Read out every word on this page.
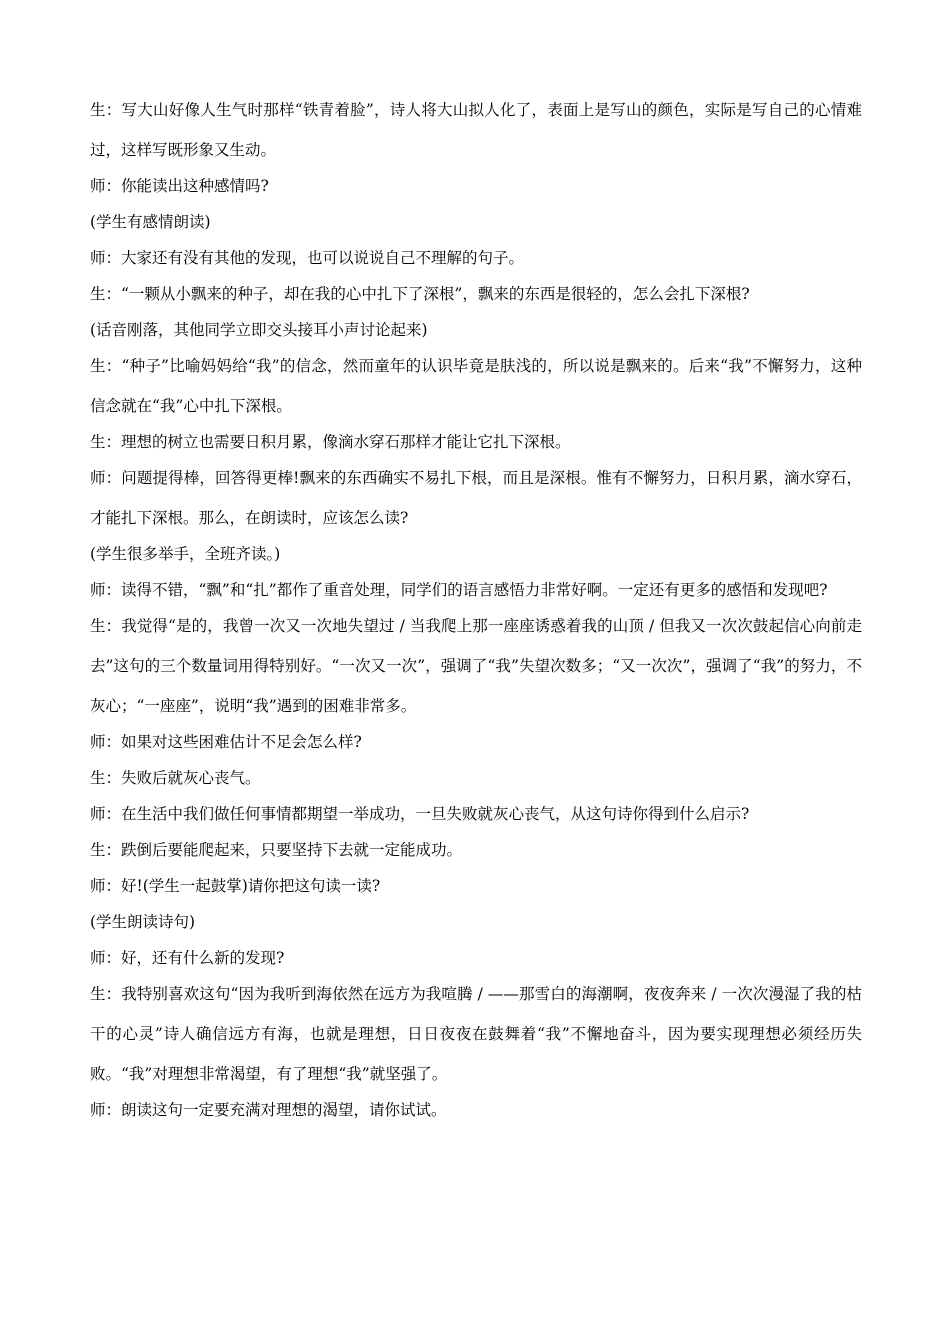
生：写大山好像人生气时那样“铁青着脸”，诗人将大山拟人化了，表面上是写山的颜色，实际是写自己的心情难过，这样写既形象又生动。

师：你能读出这种感情吗?

(学生有感情朗读)

师：大家还有没有其他的发现，也可以说说自己不理解的句子。

生：“一颗从小飘来的种子，却在我的心中扎下了深根”，飘来的东西是很轻的，怎么会扎下深根?

(话音刚落，其他同学立即交头接耳小声讨论起来)

生：“种子”比喻妈妈给“我”的信念，然而童年的认识毕竟是肤浅的，所以说是飘来的。后来“我”不懈努力，这种信念就在“我”心中扎下深根。

生：理想的树立也需要日积月累，像滴水穿石那样才能让它扎下深根。

师：问题提得棒，回答得更棒!飘来的东西确实不易扎下根，而且是深根。惟有不懈努力，日积月累，滴水穿石，才能扎下深根。那么，在朗读时，应该怎么读?

(学生很多举手，全班齐读。)

师：读得不错，“飘”和“扎”都作了重音处理，同学们的语言感悟力非常好啊。一定还有更多的感悟和发现吧?

生：我觉得“是的，我曾一次又一次地失望过 / 当我爬上那一座座诱惑着我的山顶 / 但我又一次次鼓起信心向前走去”这句的三个数量词用得特别好。“一次又一次”，强调了“我”失望次数多；“又一次次”，强调了“我”的努力，不灰心；“一座座”，说明“我”遇到的困难非常多。

师：如果对这些困难估计不足会怎么样?

生：失败后就灰心丧气。

师：在生活中我们做任何事情都期望一举成功，一旦失败就灰心丧气，从这句诗你得到什么启示?

生：跌倒后要能爬起来，只要坚持下去就一定能成功。

师：好!(学生一起鼓掌)请你把这句读一读?

(学生朗读诗句)

师：好，还有什么新的发现?

生：我特别喜欢这句“因为我听到海依然在远方为我喧腾 / ——那雪白的海潮啊，夜夜奔来 / 一次次漫湿了我的枯干的心灵”诗人确信远方有海，也就是理想，日日夜夜在鼓舞着“我”不懈地奋斗，因为要实现理想必须经历失败。“我”对理想非常渴望，有了理想“我”就坚强了。

师：朗读这句一定要充满对理想的渴望，请你试试。
